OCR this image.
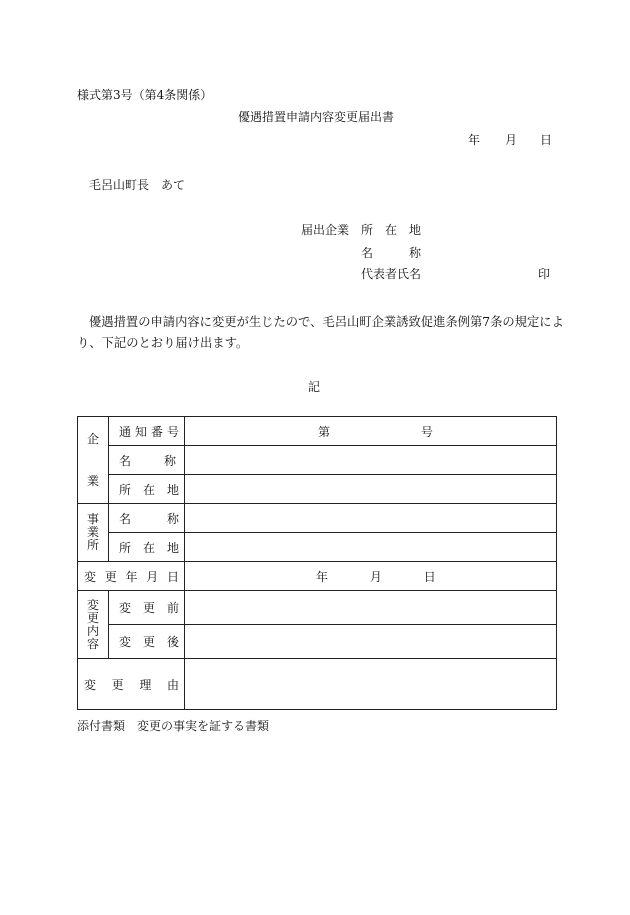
様式第3号（第4条関係）
優遇措置申請内容変更届出書
年 月 日
毛呂山町長　あて
届出企業 所　在　地
名　　　称
代表者氏名	印
優遇措置の申請内容に変更が生じたので、毛呂山町企業誘致促進条例第7条の規定によ
り、下記のとおり届け出ます。
記
企
業	通知番号	第 号
	名　　称	
	所在地	

事
業
所	名　　称	
	所在地	
変更年月日		年 月 日

変
更
内
容	変更前	
	変更後	
変更理由		
添付書類 変更の事実を証する書類
